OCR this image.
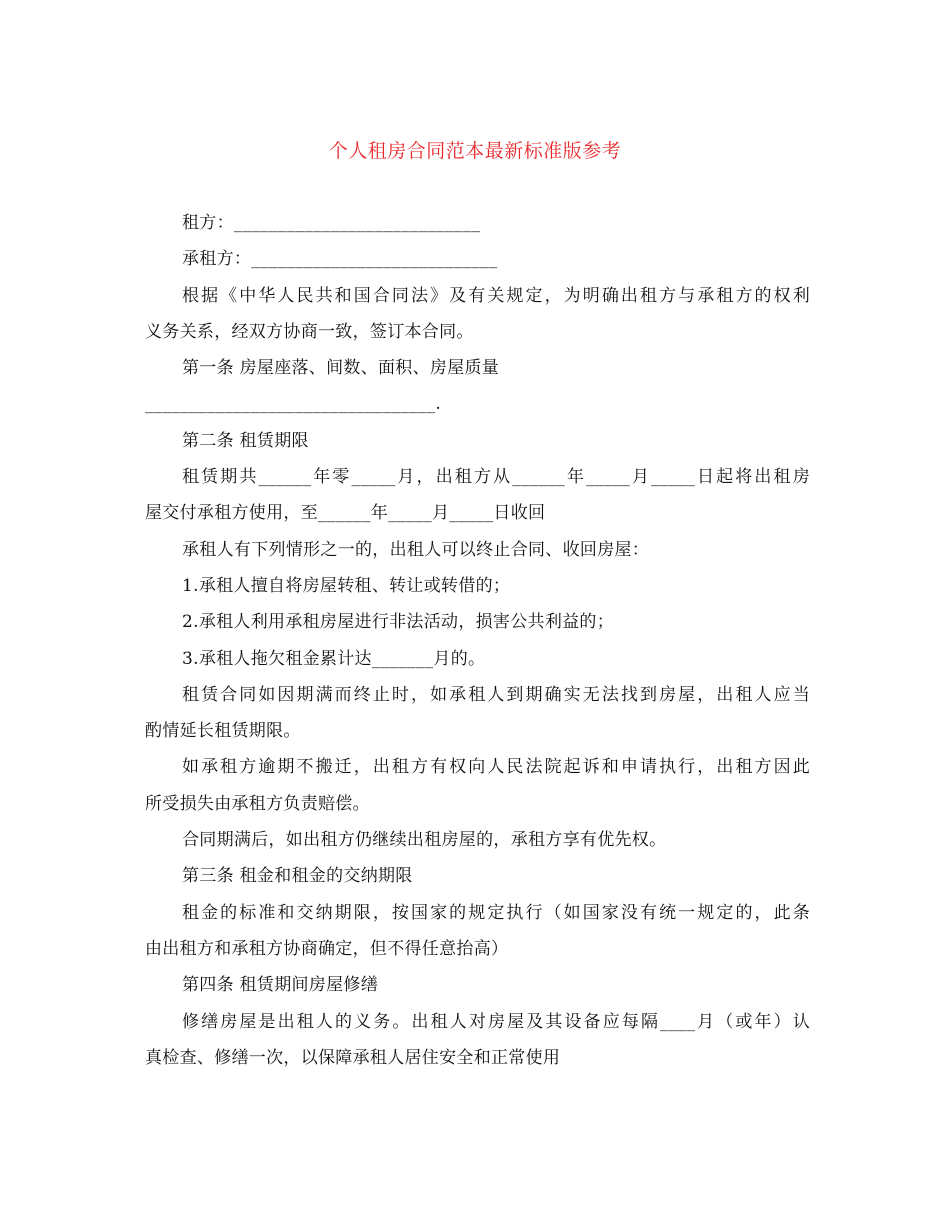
个人租房合同范本最新标准版参考
租方：____________________________
承租方：____________________________
根据《中华人民共和国合同法》及有关规定，为明确出租方与承租方的权利
义务关系，经双方协商一致，签订本合同。
第一条 房屋座落、间数、面积、房屋质量
_________________________________.
第二条 租赁期限
租赁期共______年零_____月，出租方从______年_____月_____日起将出租房
屋交付承租方使用，至______年_____月_____日收回
承租人有下列情形之一的，出租人可以终止合同、收回房屋：
1.承租人擅自将房屋转租、转让或转借的；
2.承租人利用承租房屋进行非法活动，损害公共利益的；
3.承租人拖欠租金累计达_______月的。
租赁合同如因期满而终止时，如承租人到期确实无法找到房屋，出租人应当
酌情延长租赁期限。
如承租方逾期不搬迁，出租方有权向人民法院起诉和申请执行，出租方因此
所受损失由承租方负责赔偿。
合同期满后，如出租方仍继续出租房屋的，承租方享有优先权。
第三条 租金和租金的交纳期限
租金的标准和交纳期限，按国家的规定执行（如国家没有统一规定的，此条
由出租方和承租方协商确定，但不得任意抬高）
第四条 租赁期间房屋修缮
修缮房屋是出租人的义务。出租人对房屋及其设备应每隔____月（或年）认
真检查、修缮一次，以保障承租人居住安全和正常使用
